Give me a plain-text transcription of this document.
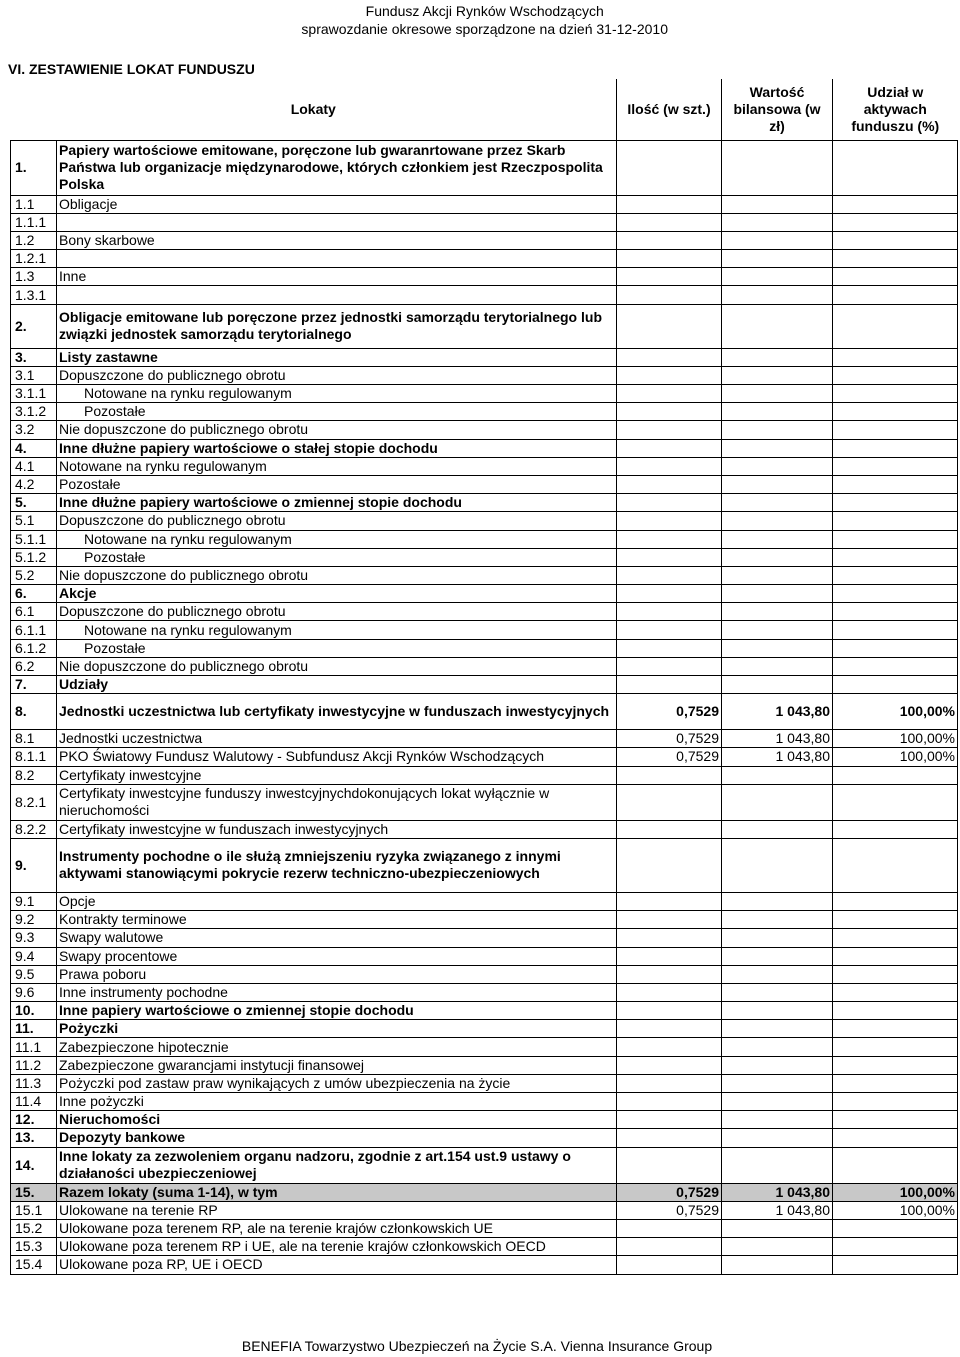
Fundusz Akcji Rynków Wschodzących
sprawozdanie okresowe sporządzone na dzień 31-12-2010
VI. ZESTAWIENIE LOKAT FUNDUSZU
Lokaty		Ilość (w szt.)	Wartość bilansowa (w zł)	Udział w aktywach funduszu (%)
1.	Papiery wartościowe emitowane, poręczone lub gwaranrtowane przez Skarb Państwa lub organizacje międzynarodowe, których członkiem jest Rzeczpospolita Polska			
1.1	Obligacje			
1.1.1				
1.2	Bony skarbowe			
1.2.1				
1.3	Inne			
1.3.1				
2.	Obligacje emitowane lub poręczone przez jednostki samorządu terytorialnego lub związki jednostek samorządu terytorialnego			
3.	Listy zastawne			
3.1	Dopuszczone do publicznego obrotu			
3.1.1	Notowane na rynku regulowanym			
3.1.2	Pozostałe			
3.2	Nie dopuszczone do publicznego obrotu			
4.	Inne dłużne papiery wartościowe o stałej stopie dochodu			
4.1	Notowane na rynku regulowanym			
4.2	Pozostałe			
5.	Inne dłużne papiery wartościowe o zmiennej stopie dochodu			
5.1	Dopuszczone do publicznego obrotu			
5.1.1	Notowane na rynku regulowanym			
5.1.2	Pozostałe			
5.2	Nie dopuszczone do publicznego obrotu			
6.	Akcje			
6.1	Dopuszczone do publicznego obrotu			
6.1.1	Notowane na rynku regulowanym			
6.1.2	Pozostałe			
6.2	Nie dopuszczone do publicznego obrotu			
7.	Udziały			
8.	Jednostki uczestnictwa lub certyfikaty inwestycyjne w funduszach inwestycyjnych	0,7529	1 043,80	100,00%
8.1	Jednostki uczestnictwa	0,7529	1 043,80	100,00%
8.1.1	PKO Światowy Fundusz Walutowy - Subfundusz Akcji Rynków Wschodzących	0,7529	1 043,80	100,00%
8.2	Certyfikaty inwestcyjne			
8.2.1	Certyfikaty inwestcyjne funduszy inwestcyjnychdokonujących lokat wyłącznie w nieruchomości			
8.2.2	Certyfikaty inwestcyjne w funduszach inwestycyjnych			
9.	Instrumenty pochodne o ile służą zmniejszeniu ryzyka związanego z innymi aktywami stanowiącymi pokrycie rezerw techniczno-ubezpieczeniowych			
9.1	Opcje			
9.2	Kontrakty terminowe			
9.3	Swapy walutowe			
9.4	Swapy procentowe			
9.5	Prawa poboru			
9.6	Inne instrumenty pochodne			
10.	Inne papiery wartościowe o zmiennej stopie dochodu			
11.	Pożyczki			
11.1	Zabezpieczone hipotecznie			
11.2	Zabezpieczone gwarancjami instytucji finansowej			
11.3	Pożyczki pod zastaw praw wynikających z umów ubezpieczenia na życie			
11.4	Inne pożyczki			
12.	Nieruchomości			
13.	Depozyty bankowe			
14.	Inne lokaty za zezwoleniem organu nadzoru, zgodnie z art.154 ust.9 ustawy o działaności ubezpieczeniowej			
15.	Razem lokaty (suma 1-14), w tym	0,7529	1 043,80	100,00%
15.1	Ulokowane na terenie RP	0,7529	1 043,80	100,00%
15.2	Ulokowane poza terenem RP, ale na terenie krajów członkowskich UE			
15.3	Ulokowane poza terenem RP i UE, ale na terenie krajów członkowskich OECD			
15.4	Ulokowane poza RP, UE i OECD			
BENEFIA Towarzystwo Ubezpieczeń na Życie S.A. Vienna Insurance Group
